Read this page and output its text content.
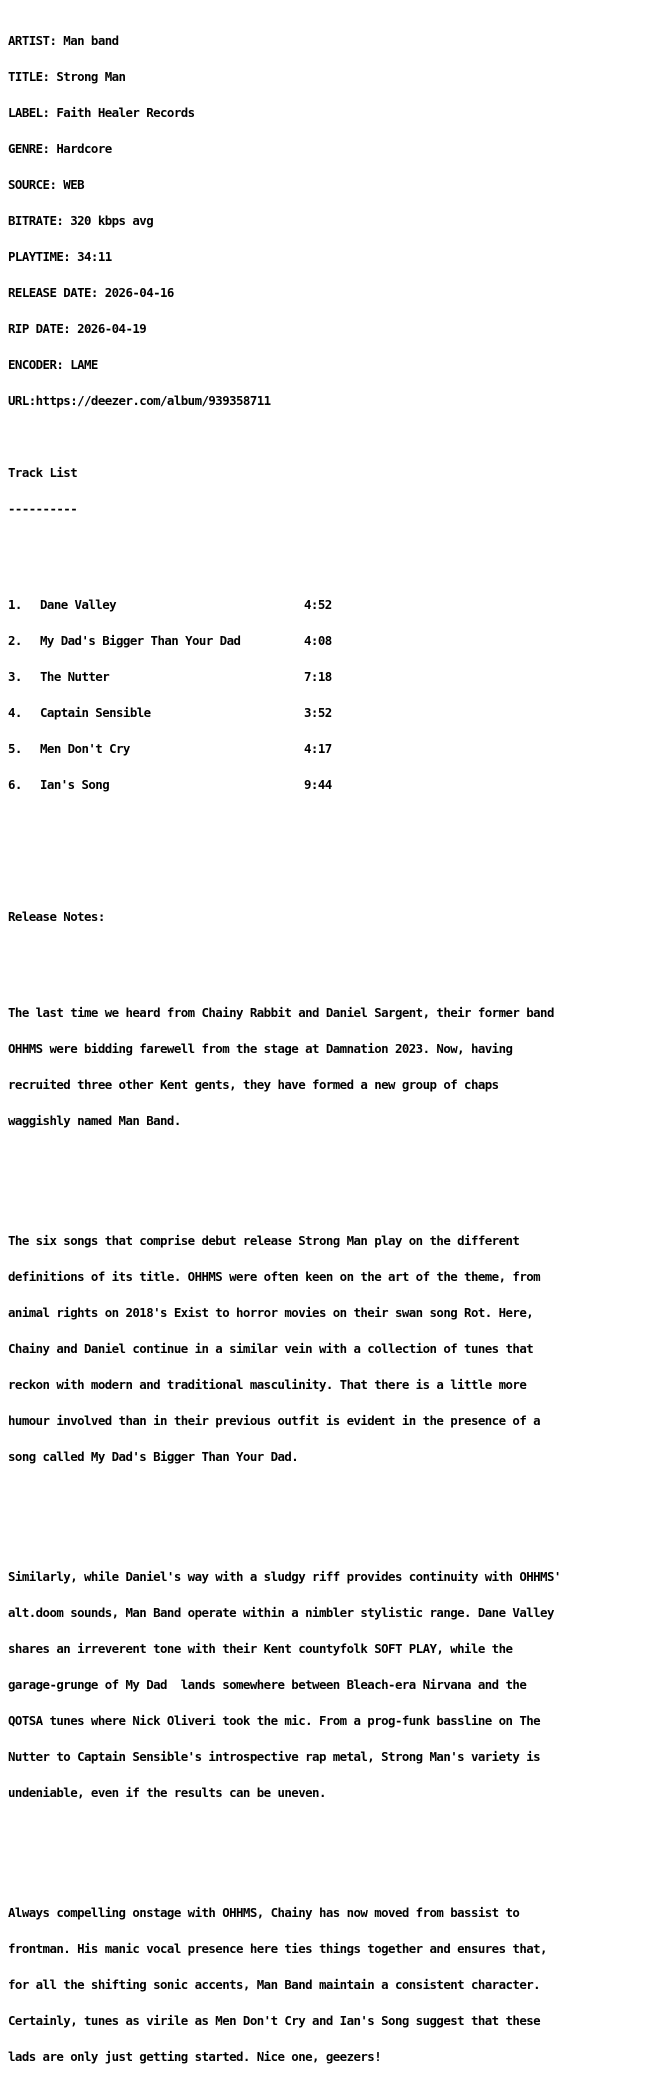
ARTIST: Man band

TITLE: Strong Man

LABEL: Faith Healer Records

GENRE: Hardcore

SOURCE: WEB

BITRATE: 320 kbps avg

PLAYTIME: 34:11

RELEASE DATE: 2026-04-16

RIP DATE: 2026-04-19

ENCODER: LAME

URL:https://deezer.com/album/939358711

Track List

----------

1. Dane Valley	4:52

2. My Dad's Bigger Than Your Dad	4:08

3. The Nutter	7:18

4. Captain Sensible	3:52

5. Men Don't Cry	4:17

6. Ian's Song	9:44

Release Notes:

The last time we heard from Chainy Rabbit and Daniel Sargent, their former band

OHHMS were bidding farewell from the stage at Damnation 2023. Now, having

recruited three other Kent gents, they have formed a new group of chaps

waggishly named Man Band.

The six songs that comprise debut release Strong Man play on the different

definitions of its title. OHHMS were often keen on the art of the theme, from

animal rights on 2018's Exist to horror movies on their swan song Rot. Here,

Chainy and Daniel continue in a similar vein with a collection of tunes that

reckon with modern and traditional masculinity. That there is a little more

humour involved than in their previous outfit is evident in the presence of a

song called My Dad's Bigger Than Your Dad.

Similarly, while Daniel's way with a sludgy riff provides continuity with OHHMS'

alt.doom sounds, Man Band operate within a nimbler stylistic range. Dane Valley

shares an irreverent tone with their Kent countyfolk SOFT PLAY, while the

garage-grunge of My Dad  lands somewhere between Bleach-era Nirvana and the

QOTSA tunes where Nick Oliveri took the mic. From a prog-funk bassline on The

Nutter to Captain Sensible's introspective rap metal, Strong Man's variety is

undeniable, even if the results can be uneven.

Always compelling onstage with OHHMS, Chainy has now moved from bassist to

frontman. His manic vocal presence here ties things together and ensures that,

for all the shifting sonic accents, Man Band maintain a consistent character.

Certainly, tunes as virile as Men Don't Cry and Ian's Song suggest that these

lads are only just getting started. Nice one, geezers!
